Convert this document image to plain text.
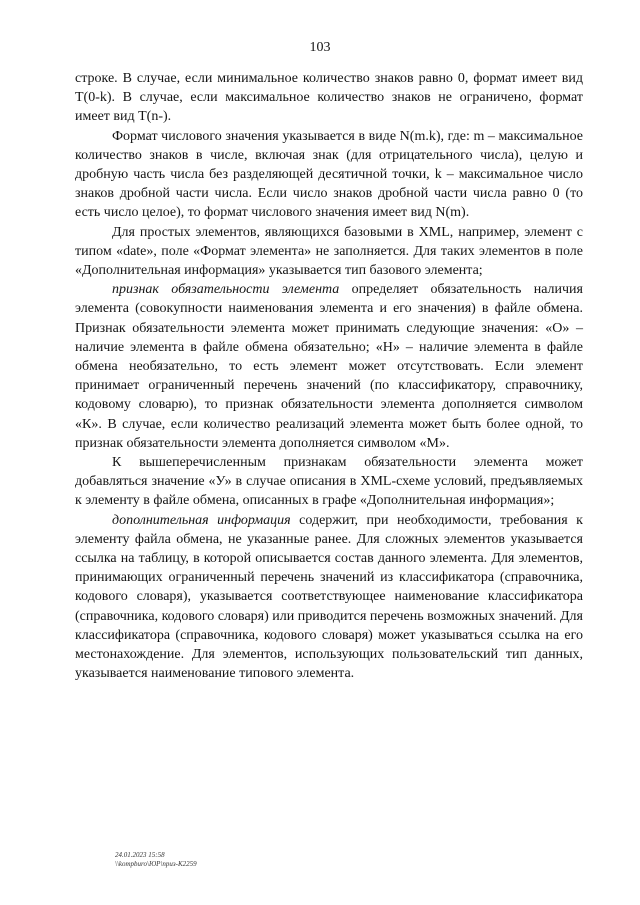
103

строке. В случае, если минимальное количество знаков равно 0, формат имеет вид T(0-k). В случае, если максимальное количество знаков не ограничено, формат имеет вид T(n-).

Формат числового значения указывается в виде N(m.k), где: m – максимальное количество знаков в числе, включая знак (для отрицательного числа), целую и дробную часть числа без разделяющей десятичной точки, k – максимальное число знаков дробной части числа. Если число знаков дробной части числа равно 0 (то есть число целое), то формат числового значения имеет вид N(m).

Для простых элементов, являющихся базовыми в XML, например, элемент с типом «date», поле «Формат элемента» не заполняется. Для таких элементов в поле «Дополнительная информация» указывается тип базового элемента;

признак обязательности элемента определяет обязательность наличия элемента (совокупности наименования элемента и его значения) в файле обмена. Признак обязательности элемента может принимать следующие значения: «О» – наличие элемента в файле обмена обязательно; «Н» – наличие элемента в файле обмена необязательно, то есть элемент может отсутствовать. Если элемент принимает ограниченный перечень значений (по классификатору, справочнику, кодовому словарю), то признак обязательности элемента дополняется символом «К». В случае, если количество реализаций элемента может быть более одной, то признак обязательности элемента дополняется символом «М».

К вышеперечисленным признакам обязательности элемента может добавляться значение «У» в случае описания в XML-схеме условий, предъявляемых к элементу в файле обмена, описанных в графе «Дополнительная информация»;

дополнительная информация содержит, при необходимости, требования к элементу файла обмена, не указанные ранее. Для сложных элементов указывается ссылка на таблицу, в которой описывается состав данного элемента. Для элементов, принимающих ограниченный перечень значений из классификатора (справочника, кодового словаря), указывается соответствующее наименование классификатора (справочника, кодового словаря) или приводится перечень возможных значений. Для классификатора (справочника, кодового словаря) может указываться ссылка на его местонахождение. Для элементов, использующих пользовательский тип данных, указывается наименование типового элемента.

24.01.2023 15:58
\\kompburo\ЮР\приз-К2259
